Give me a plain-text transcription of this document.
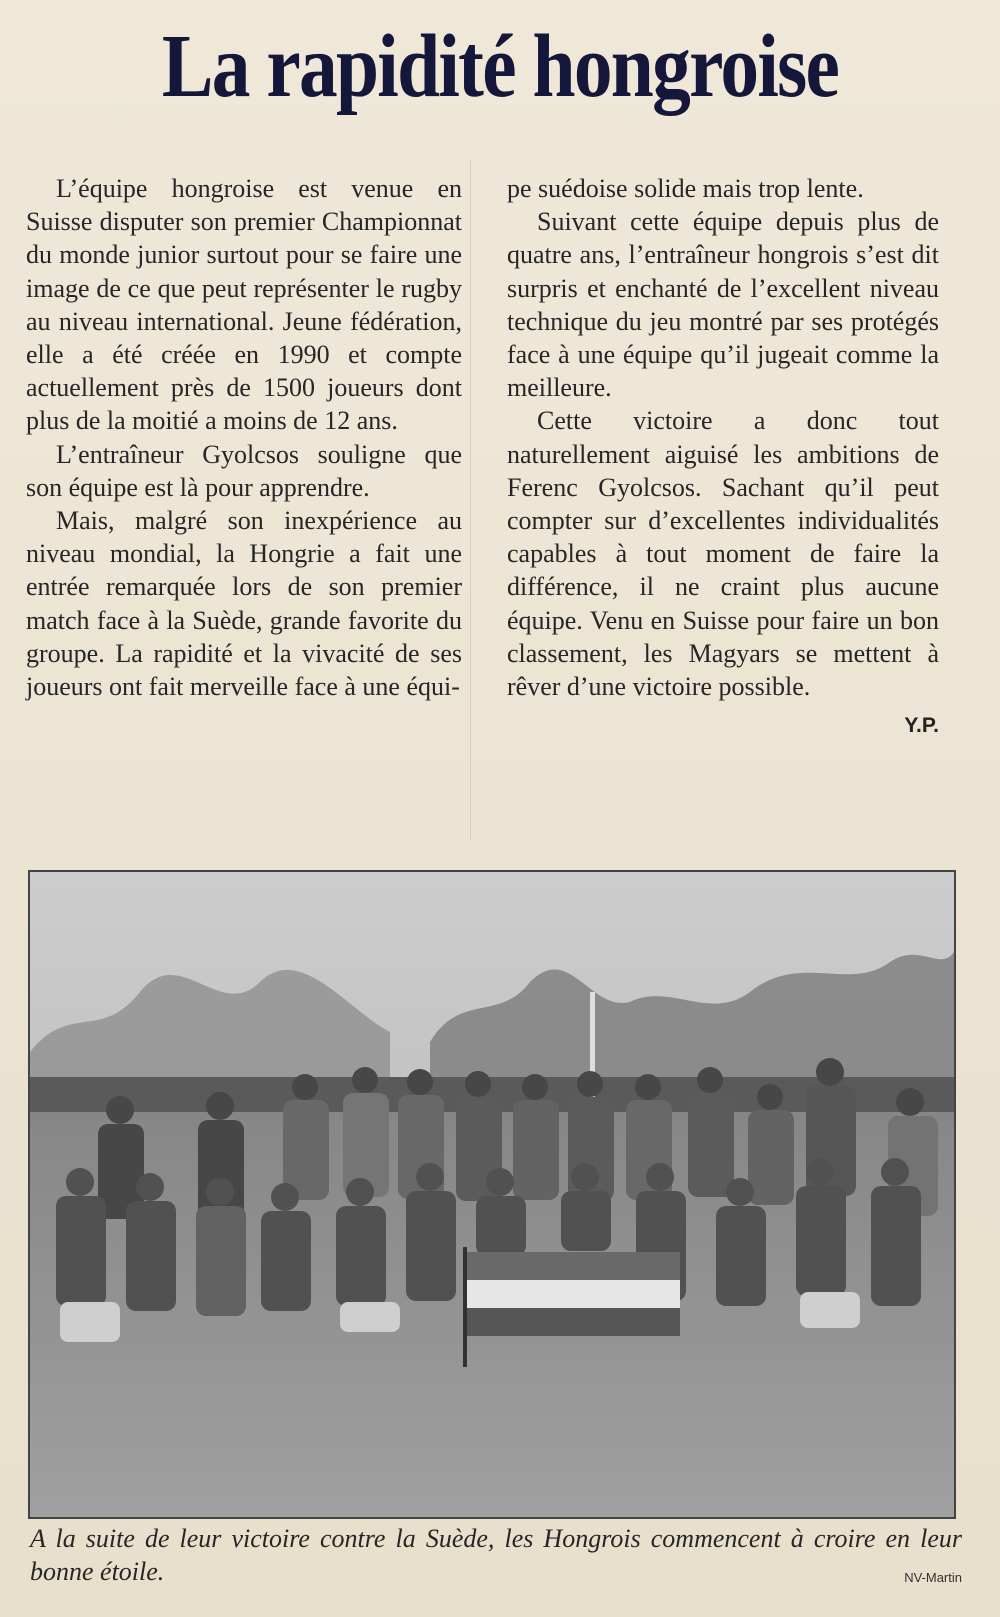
La rapidité hongroise

L’équipe hongroise est venue en Suisse disputer son premier Championnat du monde junior surtout pour se faire une image de ce que peut représenter le rugby au niveau international. Jeune fédération, elle a été créée en 1990 et compte actuellement près de 1500 joueurs dont plus de la moitié a moins de 12 ans.

L’entraîneur Gyolcsos souligne que son équipe est là pour apprendre.

Mais, malgré son inexpérience au niveau mondial, la Hongrie a fait une entrée remarquée lors de son premier match face à la Suède, grande favorite du groupe. La rapidité et la vivacité de ses joueurs ont fait merveille face à une équi-

pe suédoise solide mais trop lente.

Suivant cette équipe depuis plus de quatre ans, l’entraîneur hongrois s’est dit surpris et enchanté de l’excellent niveau technique du jeu montré par ses protégés face à une équipe qu’il jugeait comme la meilleure.

Cette victoire a donc tout naturellement aiguisé les ambitions de Ferenc Gyolcsos. Sachant qu’il peut compter sur d’excellentes individualités capables à tout moment de faire la différence, il ne craint plus aucune équipe. Venu en Suisse pour faire un bon classement, les Magyars se mettent à rêver d’une victoire possible.

Y.P.
A la suite de leur victoire contre la Suède, les Hongrois commencent à croire en leur bonne étoile.	NV-Martin
